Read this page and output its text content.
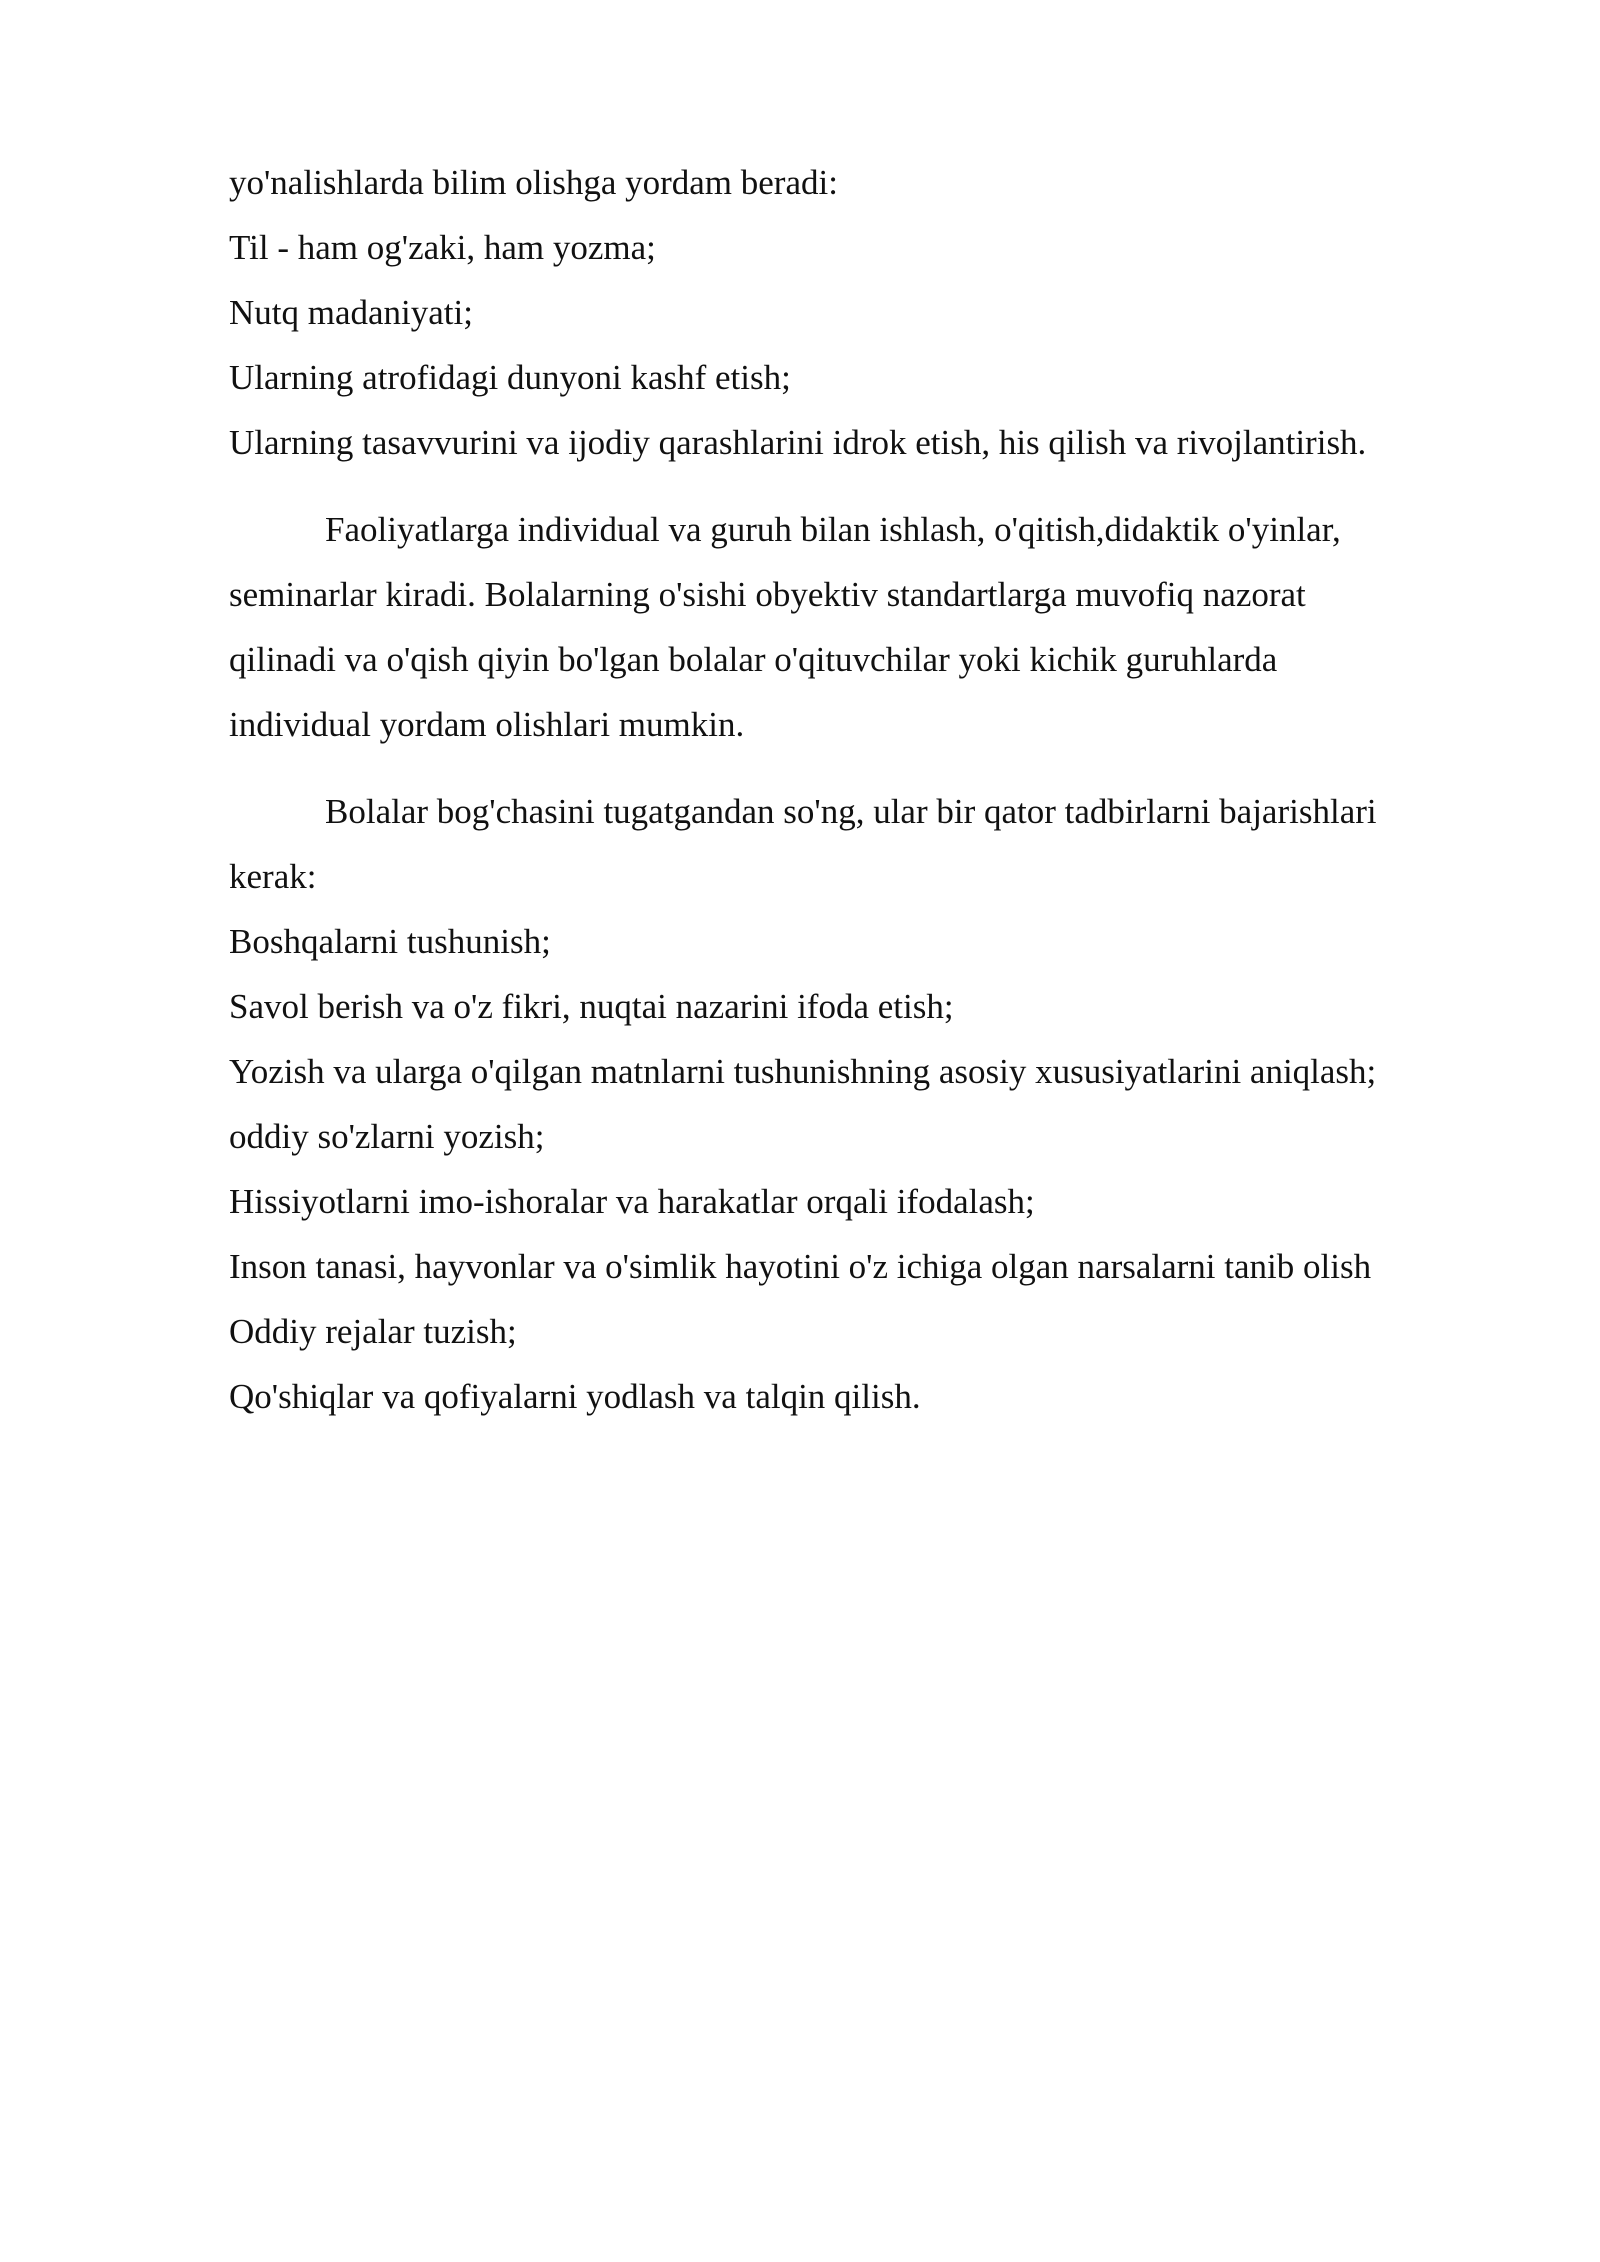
yo'nalishlarda bilim olishga yordam beradi:
Til - ham og'zaki, ham yozma;
Nutq madaniyati;
Ularning atrofidagi dunyoni kashf etish;
Ularning tasavvurini va ijodiy qarashlarini idrok etish, his qilish va rivojlantirish.
Faoliyatlarga individual va guruh bilan ishlash, o'qitish,didaktik o'yinlar,
seminarlar kiradi. Bolalarning o'sishi obyektiv standartlarga muvofiq nazorat
qilinadi va o'qish qiyin bo'lgan bolalar o'qituvchilar yoki kichik guruhlarda
individual yordam olishlari mumkin.
Bolalar bog'chasini tugatgandan so'ng, ular bir qator tadbirlarni bajarishlari
kerak:
Boshqalarni tushunish;
Savol berish va o'z fikri, nuqtai nazarini ifoda etish;
Yozish va ularga o'qilgan matnlarni tushunishning asosiy xususiyatlarini aniqlash;
oddiy so'zlarni yozish;
Hissiyotlarni imo-ishoralar va harakatlar orqali ifodalash;
Inson tanasi, hayvonlar va o'simlik hayotini o'z ichiga olgan narsalarni tanib olish
Oddiy rejalar tuzish;
Qo'shiqlar va qofiyalarni yodlash va talqin qilish.
